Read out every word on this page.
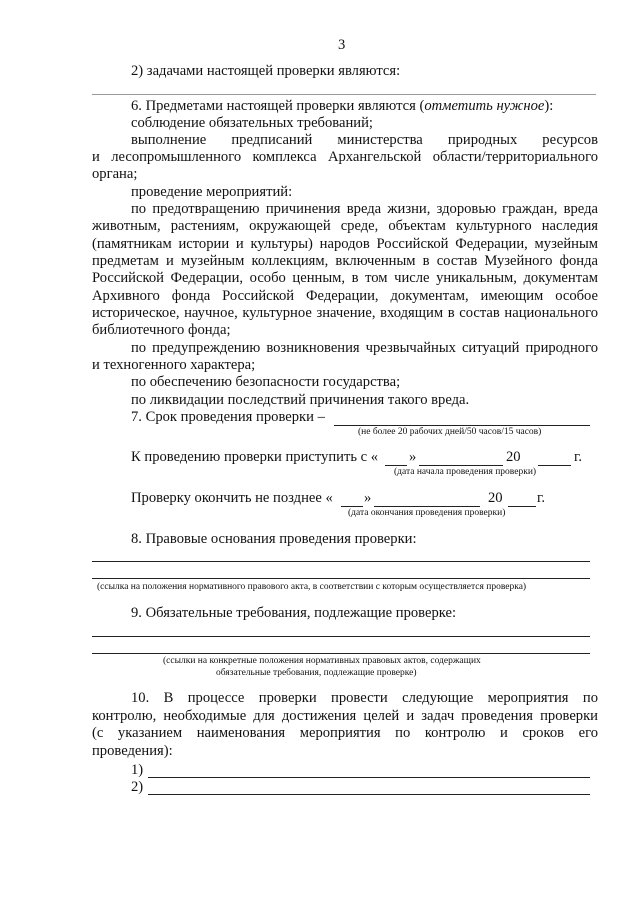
3
2) задачами настоящей проверки являются:
6. Предметами настоящей проверки являются (отметить нужное):
соблюдение обязательных требований;
выполнение предписаний министерства природных ресурсов
и лесопромышленного комплекса Архангельской области/территориального
органа;
проведение мероприятий:
по предотвращению причинения вреда жизни, здоровью граждан, вреда
животным, растениям, окружающей среде, объектам культурного наследия
(памятникам истории и культуры) народов Российской Федерации, музейным
предметам и музейным коллекциям, включенным в состав Музейного фонда
Российской Федерации, особо ценным, в том числе уникальным, документам
Архивного фонда Российской Федерации, документам, имеющим особое
историческое, научное, культурное значение, входящим в состав национального
библиотечного фонда;
по предупреждению возникновения чрезвычайных ситуаций природного
и техногенного характера;
по обеспечению безопасности государства;
по ликвидации последствий причинения такого вреда.
7. Срок проведения проверки –
(не более 20 рабочих дней/50 часов/15 часов)
К проведению проверки приступить с « »	20	г.
(дата начала проведения проверки)
Проверку окончить не позднее « »	20 г.
(дата окончания проведения проверки)
8. Правовые основания проведения проверки:
(ссылка на положения нормативного правового акта, в соответствии с которым осуществляется проверка)
9. Обязательные требования, подлежащие проверке:
(ссылки на конкретные положения нормативных правовых актов, содержащих
обязательные требования, подлежащие проверке)
10. В процессе проверки провести следующие мероприятия по
контролю, необходимые для достижения целей и задач проведения проверки
(с указанием наименования мероприятия по контролю и сроков его
проведения):
1)
2)
